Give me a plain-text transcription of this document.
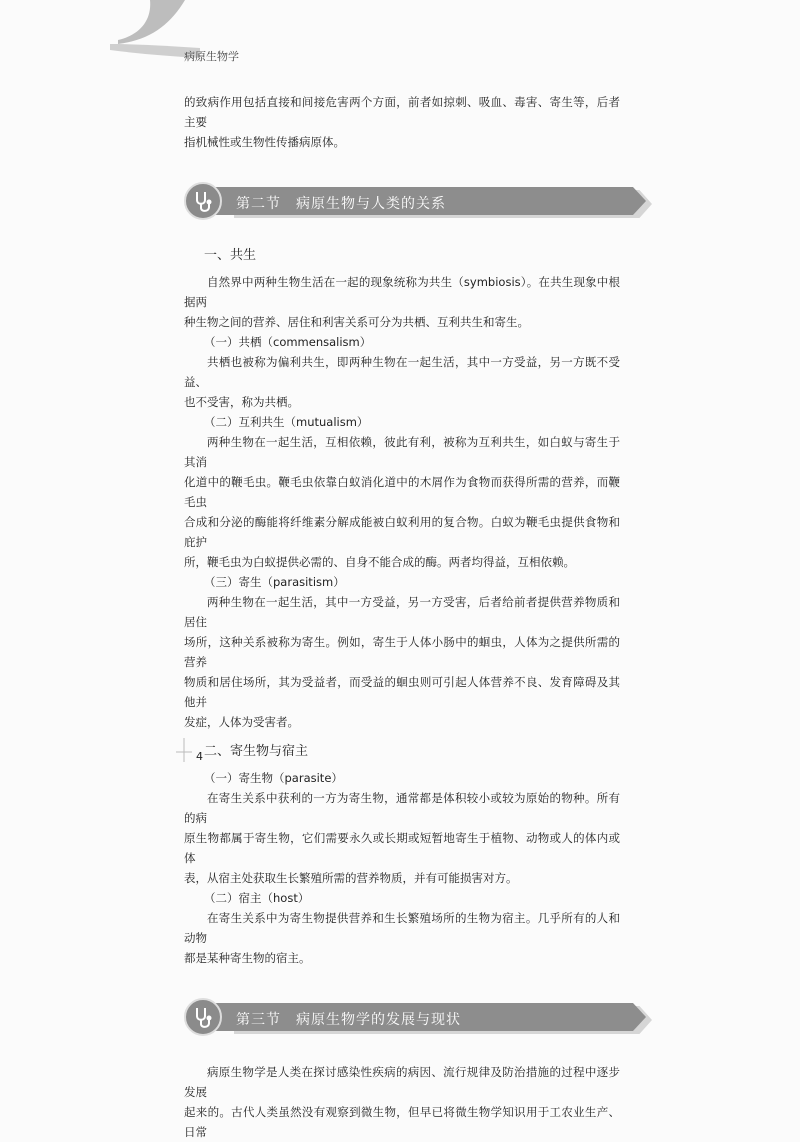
病原生物学

的致病作用包括直接和间接危害两个方面，前者如掠刺、吸血、毒害、寄生等，后者主要

指机械性或生物性传播病原体。

第二节　病原生物与人类的关系
一、共生

自然界中两种生物生活在一起的现象统称为共生（symbiosis）。在共生现象中根据两

种生物之间的营养、居住和利害关系可分为共栖、互利共生和寄生。

（一）共栖（commensalism）

共栖也被称为偏利共生，即两种生物在一起生活，其中一方受益，另一方既不受益、

也不受害，称为共栖。

（二）互利共生（mutualism）

两种生物在一起生活，互相依赖，彼此有利，被称为互利共生，如白蚁与寄生于其消

化道中的鞭毛虫。鞭毛虫依靠白蚁消化道中的木屑作为食物而获得所需的营养，而鞭毛虫

合成和分泌的酶能将纤维素分解成能被白蚁利用的复合物。白蚁为鞭毛虫提供食物和庇护

所，鞭毛虫为白蚁提供必需的、自身不能合成的酶。两者均得益，互相依赖。

（三）寄生（parasitism）

两种生物在一起生活，其中一方受益，另一方受害，后者给前者提供营养物质和居住

场所，这种关系被称为寄生。例如，寄生于人体小肠中的蛔虫，人体为之提供所需的营养

物质和居住场所，其为受益者，而受益的蛔虫则可引起人体营养不良、发育障碍及其他并

发症，人体为受害者。

二、寄生物与宿主
（一）寄生物（parasite）

在寄生关系中获利的一方为寄生物，通常都是体积较小或较为原始的物种。所有的病

原生物都属于寄生物，它们需要永久或长期或短暂地寄生于植物、动物或人的体内或体

表，从宿主处获取生长繁殖所需的营养物质，并有可能损害对方。

（二）宿主（host）

在寄生关系中为寄生物提供营养和生长繁殖场所的生物为宿主。几乎所有的人和动物

都是某种寄生物的宿主。

第三节　病原生物学的发展与现状

病原生物学是人类在探讨感染性疾病的病因、流行规律及防治措施的过程中逐步发展

起来的。古代人类虽然没有观察到微生物，但早已将微生物学知识用于工农业生产、日常

4
